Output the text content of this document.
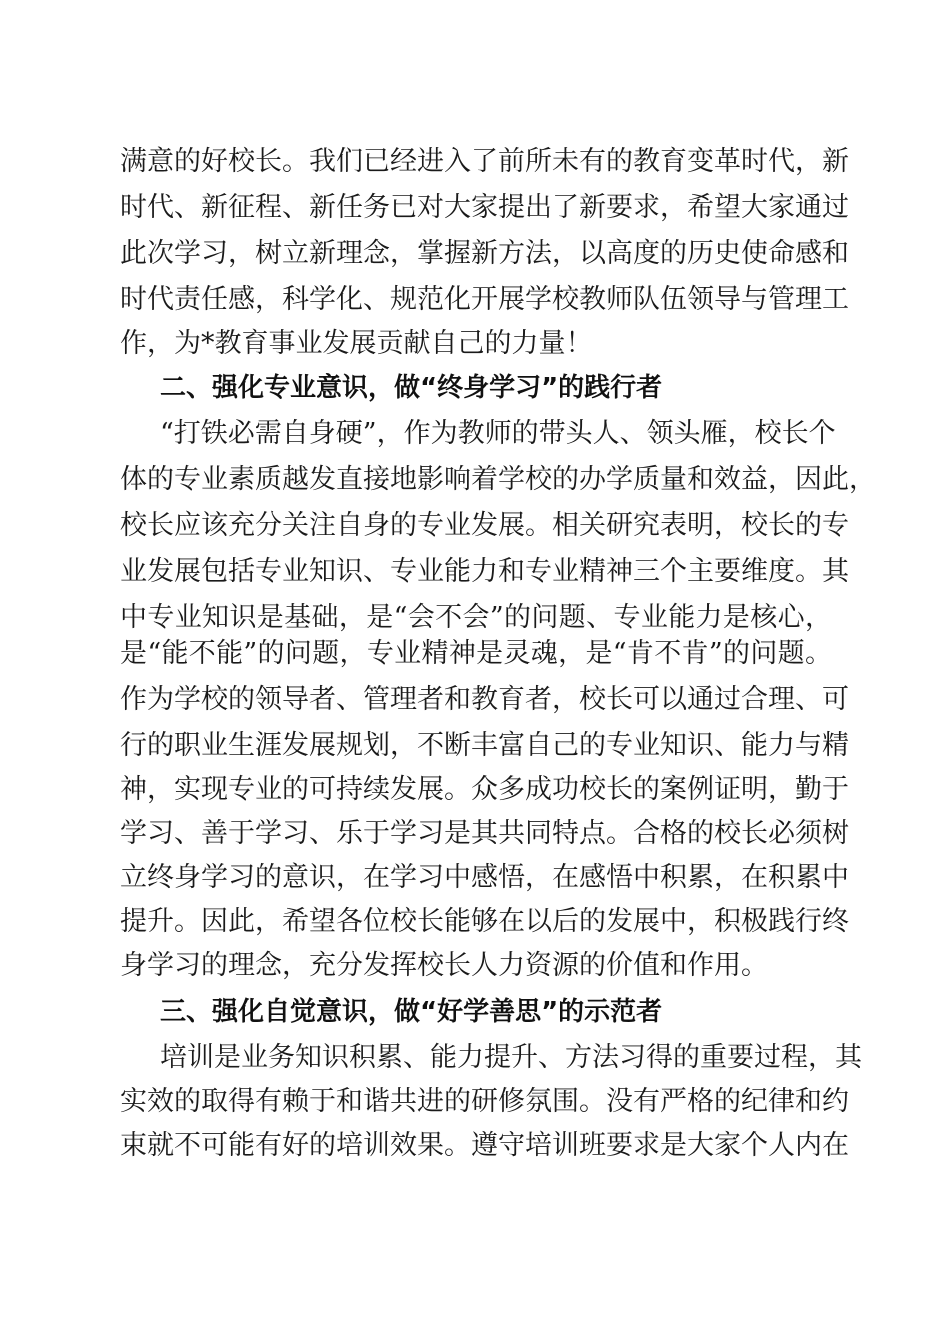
满意的好校长。我们已经进入了前所未有的教育变革时代，新
时代、新征程、新任务已对大家提出了新要求，希望大家通过
此次学习，树立新理念，掌握新方法，以高度的历史使命感和
时代责任感，科学化、规范化开展学校教师队伍领导与管理工
作，为*教育事业发展贡献自己的力量！
二、强化专业意识，做“终身学习”的践行者
“打铁必需自身硬”，作为教师的带头人、领头雁，校长个
体的专业素质越发直接地影响着学校的办学质量和效益，因此，
校长应该充分关注自身的专业发展。相关研究表明，校长的专
业发展包括专业知识、专业能力和专业精神三个主要维度。其
中专业知识是基础，是“会不会”的问题、专业能力是核心，
是“能不能”的问题，专业精神是灵魂，是“肯不肯”的问题。
作为学校的领导者、管理者和教育者，校长可以通过合理、可
行的职业生涯发展规划，不断丰富自己的专业知识、能力与精
神，实现专业的可持续发展。众多成功校长的案例证明，勤于
学习、善于学习、乐于学习是其共同特点。合格的校长必须树
立终身学习的意识，在学习中感悟，在感悟中积累，在积累中
提升。因此，希望各位校长能够在以后的发展中，积极践行终
身学习的理念，充分发挥校长人力资源的价值和作用。
三、强化自觉意识，做“好学善思”的示范者
培训是业务知识积累、能力提升、方法习得的重要过程，其
实效的取得有赖于和谐共进的研修氛围。没有严格的纪律和约
束就不可能有好的培训效果。遵守培训班要求是大家个人内在
